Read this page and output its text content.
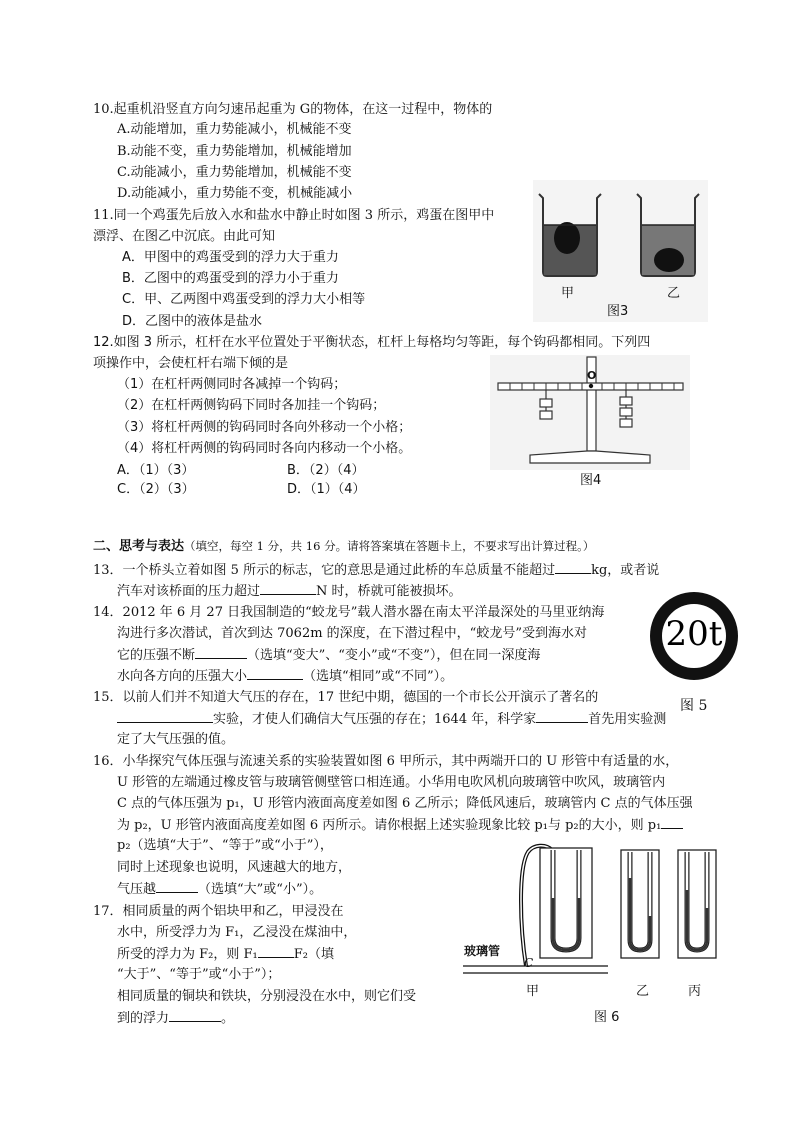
10.起重机沿竖直方向匀速吊起重为 G的物体，在这一过程中，物体的
A.动能增加，重力势能减小，机械能不变
B.动能不变，重力势能增加，机械能增加
C.动能减小，重力势能增加，机械能不变
D.动能减小，重力势能不变，机械能减小
11.同一个鸡蛋先后放入水和盐水中静止时如图 3 所示，鸡蛋在图甲中
漂浮、在图乙中沉底。由此可知
A．甲图中的鸡蛋受到的浮力大于重力
B．乙图中的鸡蛋受到的浮力小于重力
C．甲、乙两图中鸡蛋受到的浮力大小相等
D．乙图中的液体是盐水
甲
图3
乙
12.如图 3 所示，杠杆在水平位置处于平衡状态，杠杆上每格均匀等距，每个钩码都相同。下列四
项操作中，会使杠杆右端下倾的是
（1）在杠杆两侧同时各减掉一个钩码；
（2）在杠杆两侧钩码下同时各加挂一个钩码；
（3）将杠杆两侧的钩码同时各向外移动一个小格；
（4）将杠杆两侧的钩码同时各向内移动一个小格。
A．（1）（3）	B．（2）（4）
C．（2）（3）	D．（1）（4）
O
图4
二、思考与表达（填空，每空 1 分，共 16 分。请将答案填在答题卡上，不要求写出计算过程。）
13．一个桥头立着如图 5 所示的标志，它的意思是通过此桥的车总质量不能超过	kg，或者说
汽车对该桥面的压力超过	N 时，桥就可能被损坏。
20t
图 5
14．2012 年 6 月 27 日我国制造的“蛟龙号”载人潜水器在南太平洋最深处的马里亚纳海
沟进行多次潜试，首次到达 7062m 的深度，在下潜过程中，“蛟龙号”受到海水对
它的压强不断	（选填“变大”、“变小”或“不变”），但在同一深度海
水向各方向的压强大小	（选填“相同”或“不同”）。
15．以前人们并不知道大气压的存在，17 世纪中期，德国的一个市长公开演示了著名的
实验，才使人们确信大气压强的存在；1644 年，科学家	首先用实验测
定了大气压强的值。
16．小华探究气体压强与流速关系的实验装置如图 6 甲所示，其中两端开口的 U 形管中有适量的水，
U 形管的左端通过橡皮管与玻璃管侧壁管口相连通。小华用电吹风机向玻璃管中吹风，玻璃管内
C 点的气体压强为 p₁，U 形管内液面高度差如图 6 乙所示；降低风速后，玻璃管内 C 点的气体压强
为 p₂，U 形管内液面高度差如图 6 丙所示。请你根据上述实验现象比较 p₁与 p₂的大小，则 p₁
p₂（选填“大于”、“等于”或“小于”），
同时上述现象也说明，风速越大的地方，
气压越	（选填“大”或“小”）。
17．相同质量的两个铝块甲和乙，甲浸没在
水中，所受浮力为 F₁，乙浸没在煤油中，
所受的浮力为 F₂，则 F₁	F₂（填
“大于”、“等于”或“小于”）；
相同质量的铜块和铁块，分别浸没在水中，则它们受
到的浮力	。
玻璃管
C
甲	乙	丙
图 6
